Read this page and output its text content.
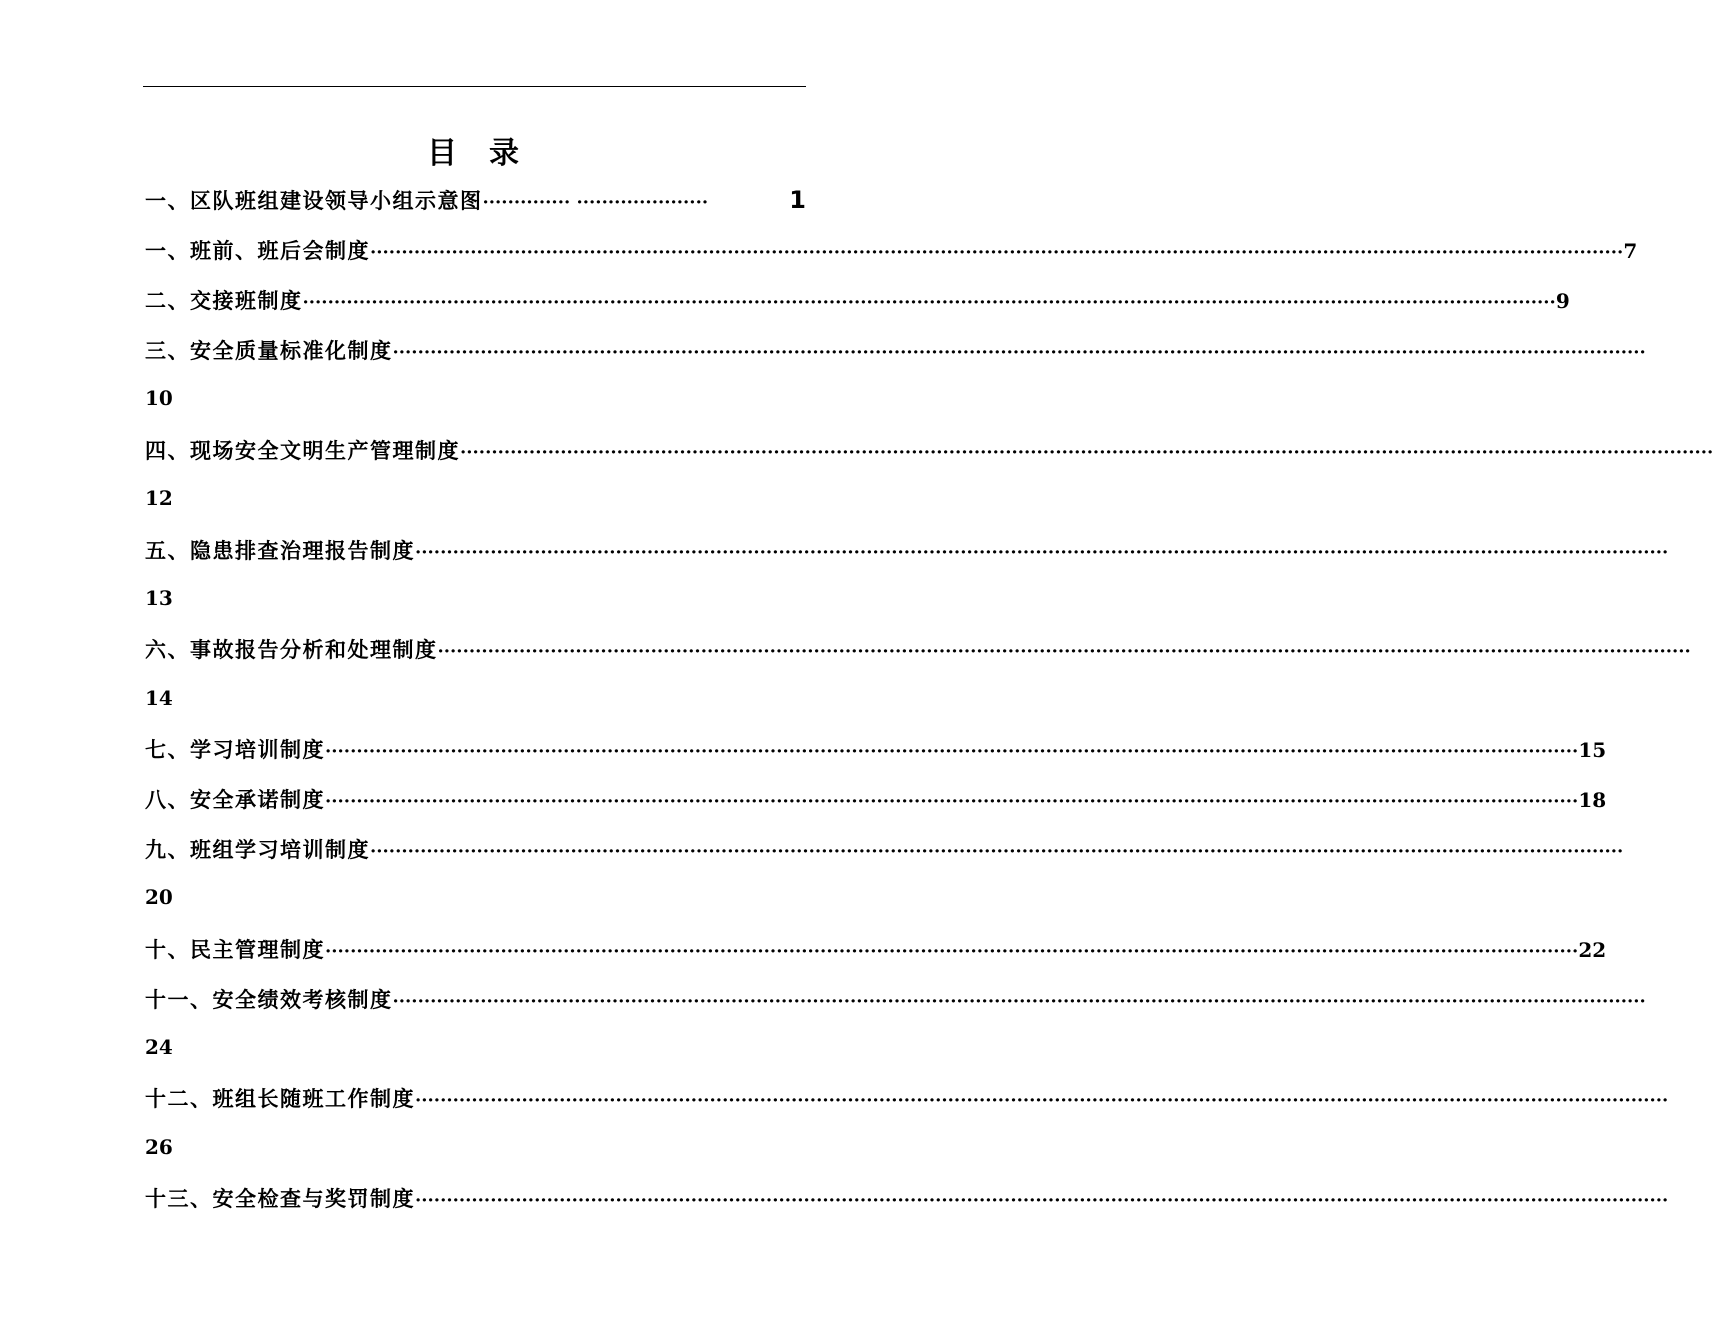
目 录
一、区队班组建设领导小组示意图 ·············· ·····················	1
一、班前、班后会制度 ········································································································································································································ 7
二、交接班制度 ········································································································································································································ 9
三、安全质量标准化制度 ········································································································································································································
10
四、现场安全文明生产管理制度 ········································································································································································································
12
五、隐患排查治理报告制度 ········································································································································································································
13
六、事故报告分析和处理制度 ········································································································································································································
14
七、学习培训制度 ········································································································································································································ 15
八、安全承诺制度 ········································································································································································································ 18
九、班组学习培训制度 ········································································································································································································
20
十、民主管理制度 ········································································································································································································ 22
十一、安全绩效考核制度 ········································································································································································································
24
十二、班组长随班工作制度 ········································································································································································································
26
十三、安全检查与奖罚制度 ········································································································································································································
